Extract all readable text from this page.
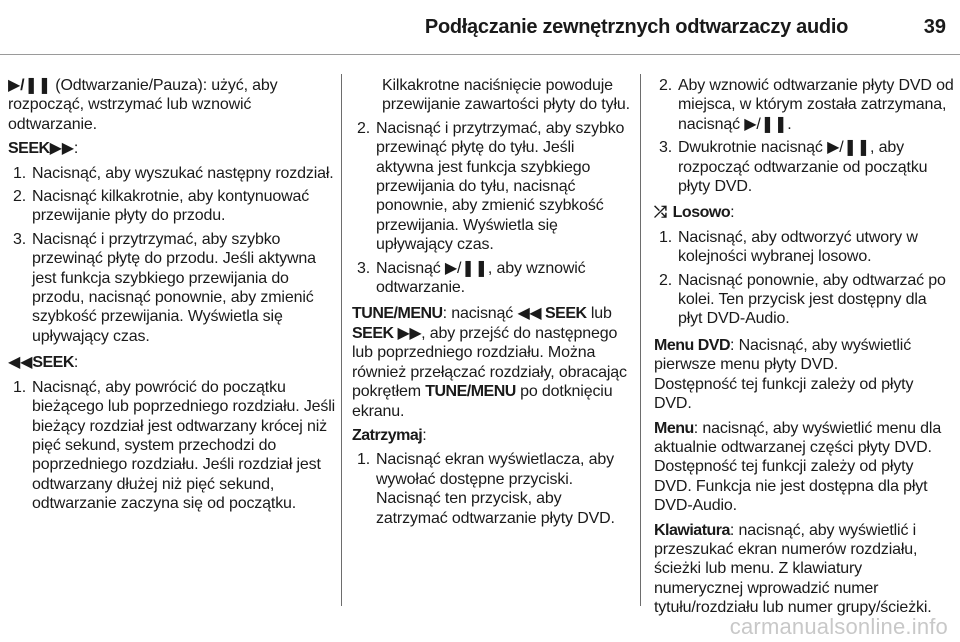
Podłączanie zewnętrznych odtwarzaczy audio	39

▶/❚❚ (Odtwarzanie/Pauza): użyć, aby rozpocząć, wstrzymać lub wznowić odtwarzanie.

SEEK▶▶:

1. Nacisnąć, aby wyszukać następny rozdział.
2. Nacisnąć kilkakrotnie, aby kontynuować przewijanie płyty do przodu.
3. Nacisnąć i przytrzymać, aby szybko przewinąć płytę do przodu. Jeśli aktywna jest funkcja szybkiego przewijania do przodu, nacisnąć ponownie, aby zmienić szybkość przewijania. Wyświetla się upływający czas.

◀◀SEEK:

1. Nacisnąć, aby powrócić do początku bieżącego lub poprzedniego rozdziału. Jeśli bieżący rozdział jest odtwarzany krócej niż pięć sekund, system przechodzi do poprzedniego rozdziału. Jeśli rozdział jest odtwarzany dłużej niż pięć sekund, odtwarzanie zaczyna się od początku.

Kilkakrotne naciśnięcie powoduje przewijanie zawartości płyty do tyłu.

2. Nacisnąć i przytrzymać, aby szybko przewinąć płytę do tyłu. Jeśli aktywna jest funkcja szybkiego przewijania do tyłu, nacisnąć ponownie, aby zmienić szybkość przewijania. Wyświetla się upływający czas.
3. Nacisnąć ▶/❚❚, aby wznowić odtwarzanie.

TUNE/MENU: nacisnąć ◀◀ SEEK lub SEEK ▶▶, aby przejść do następnego lub poprzedniego rozdziału. Można również przełączać rozdziały, obracając pokrętłem TUNE/MENU po dotknięciu ekranu.

Zatrzymaj:

1. Nacisnąć ekran wyświetlacza, aby wywołać dostępne przyciski. Nacisnąć ten przycisk, aby zatrzymać odtwarzanie płyty DVD.
2. Aby wznowić odtwarzanie płyty DVD od miejsca, w którym została zatrzymana, nacisnąć ▶/❚❚.
3. Dwukrotnie nacisnąć ▶/❚❚, aby rozpocząć odtwarzanie od początku płyty DVD.

⤮ Losowo:

1. Nacisnąć, aby odtworzyć utwory w kolejności wybranej losowo.
2. Nacisnąć ponownie, aby odtwarzać po kolei. Ten przycisk jest dostępny dla płyt DVD-Audio.

Menu DVD: Nacisnąć, aby wyświetlić pierwsze menu płyty DVD.
Dostępność tej funkcji zależy od płyty DVD.

Menu: nacisnąć, aby wyświetlić menu dla aktualnie odtwarzanej części płyty DVD. Dostępność tej funkcji zależy od płyty DVD. Funkcja nie jest dostępna dla płyt DVD-Audio.

Klawiatura: nacisnąć, aby wyświetlić i przeszukać ekran numerów rozdziału, ścieżki lub menu. Z klawiatury numerycznej wprowadzić numer tytułu/rozdziału lub numer grupy/ścieżki.

carmanualsonline.info
